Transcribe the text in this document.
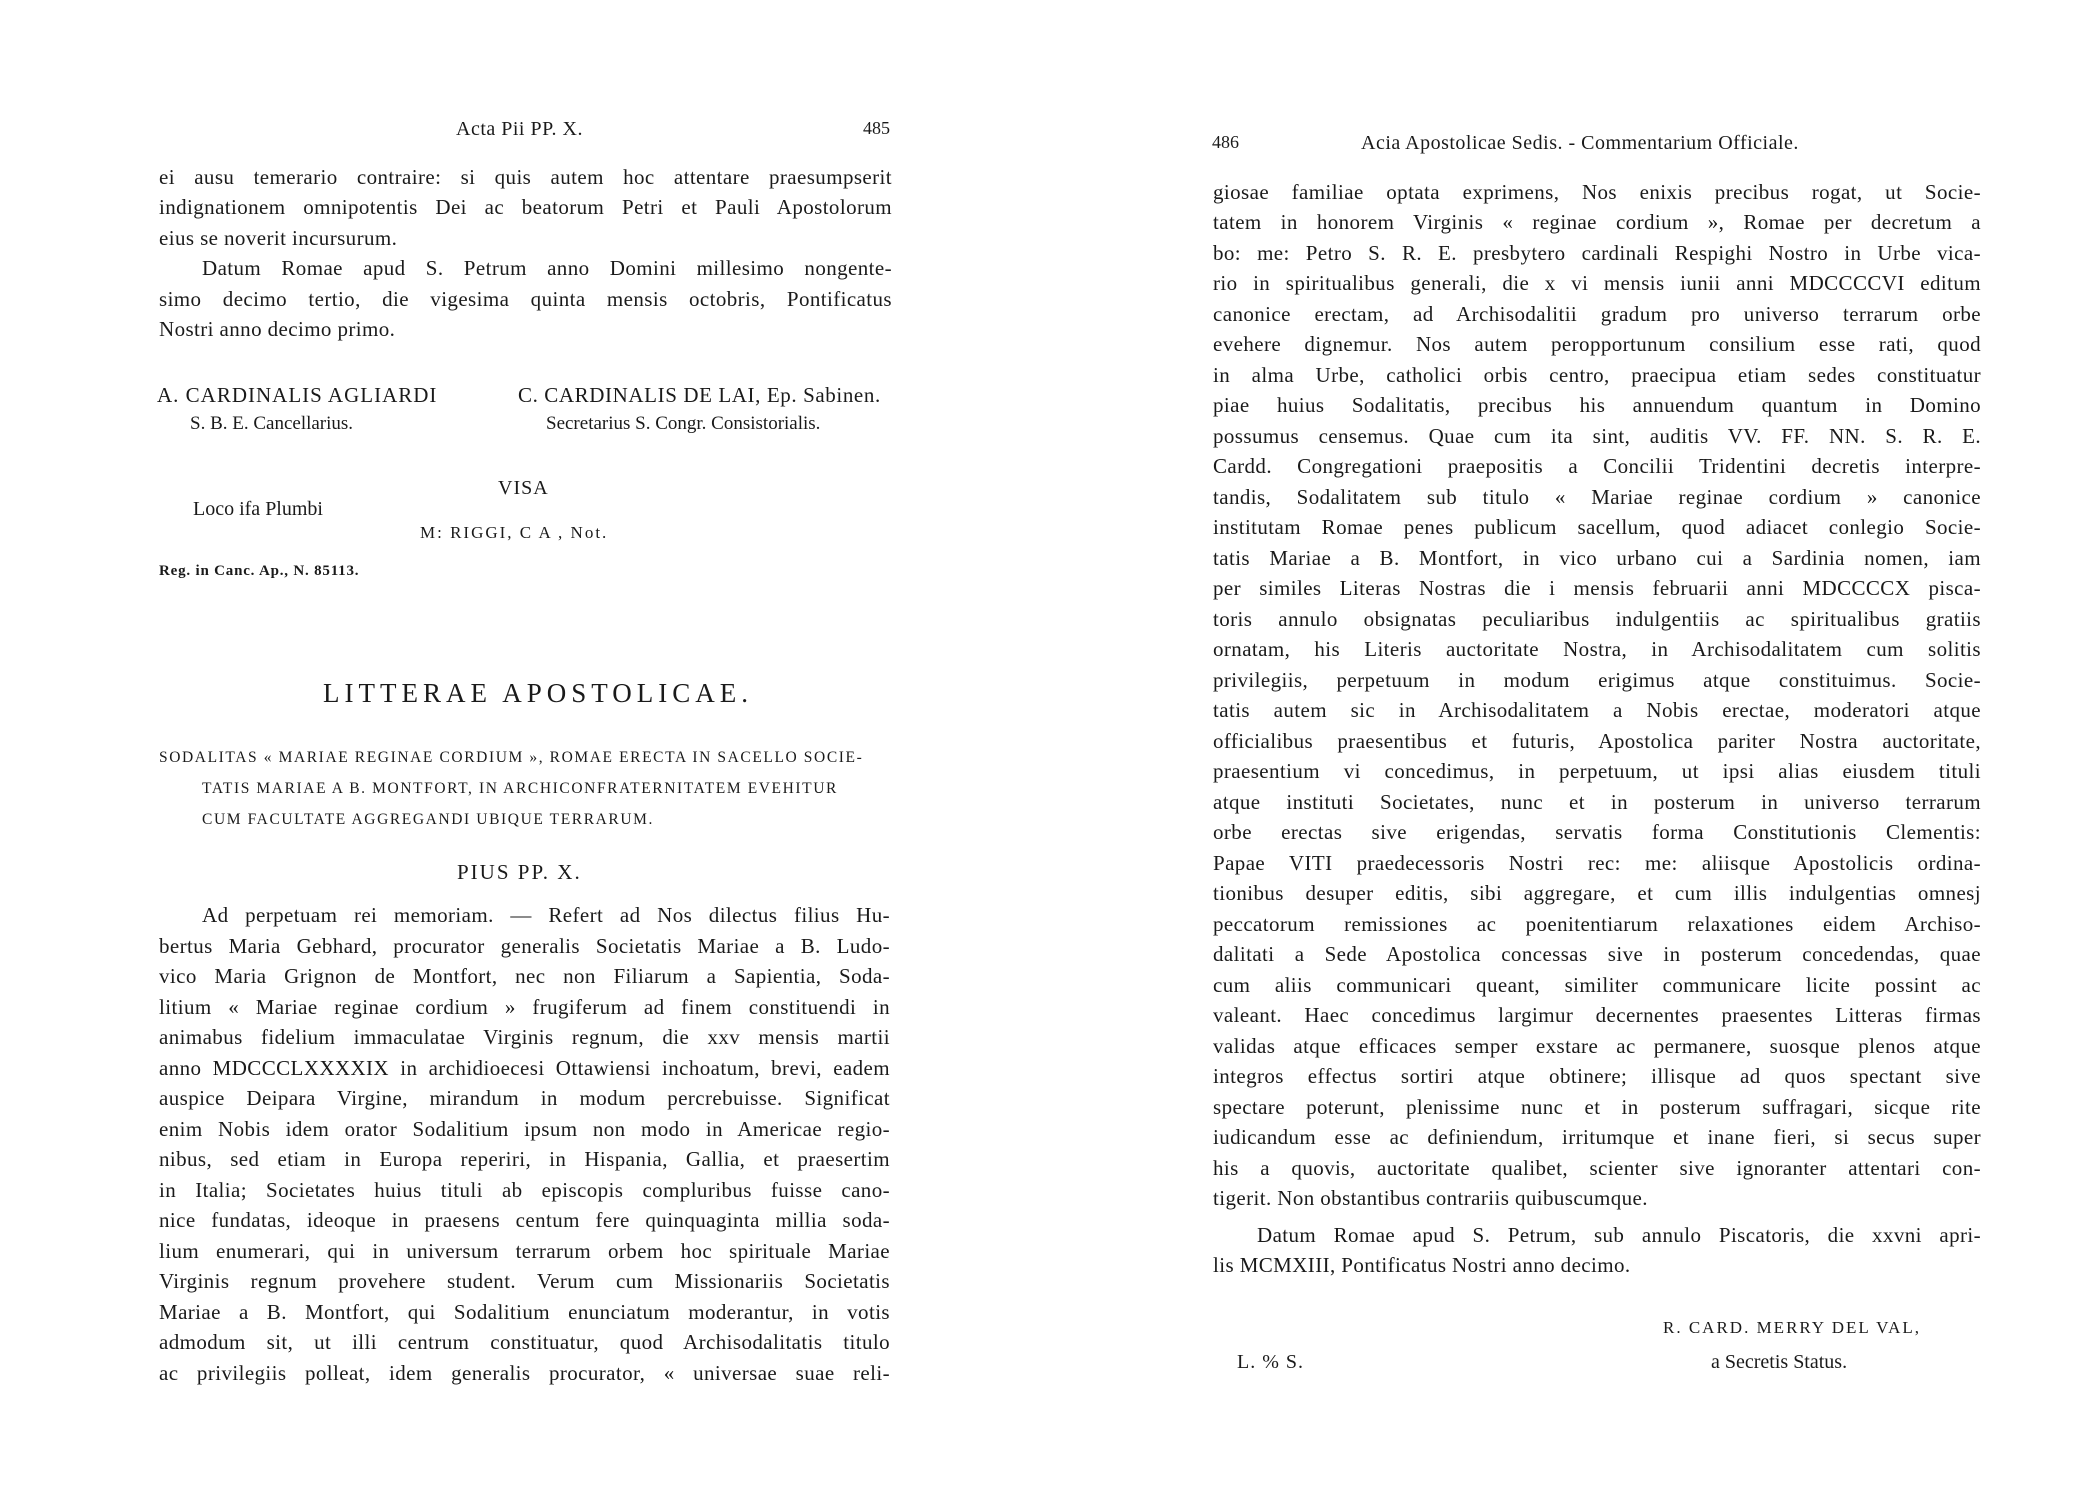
Acta Pii PP. X.	485
ei ausu temerario contraire: si quis autem hoc attentare praesumpserit
indignationem omnipotentis Dei ac beatorum Petri et Pauli Apostolorum
eius se noverit incursurum.
Datum Romae apud S. Petrum anno Domini millesimo nongente-
simo decimo tertio, die vigesima quinta mensis octobris, Pontificatus
Nostri anno decimo primo.
A. CARDINALIS AGLIARDI
S. B. E. Cancellarius.
C. CARDINALIS DE LAI, Ep. Sabinen.
Secretarius S. Congr. Consistorialis.
VISA
Loco ifa Plumbi
M: RIGGI, C A , Not.
Reg. in Canc. Ap., N. 85113.
LITTERAE APOSTOLICAE.
SODALITAS « MARIAE REGINAE CORDIUM », ROMAE ERECTA IN SACELLO SOCIE-
TATIS MARIAE A B. MONTFORT, IN ARCHICONFRATERNITATEM EVEHITUR
CUM FACULTATE AGGREGANDI UBIQUE TERRARUM.
PIUS PP. X.
Ad perpetuam rei memoriam. — Refert ad Nos dilectus filius Hu-
bertus Maria Gebhard, procurator generalis Societatis Mariae a B. Ludo-
vico Maria Grignon de Montfort, nec non Filiarum a Sapientia, Soda-
litium « Mariae reginae cordium » frugiferum ad finem constituendi in
animabus fidelium immaculatae Virginis regnum, die xxv mensis martii
anno MDCCCLXXXXIX in archidioecesi Ottawiensi inchoatum, brevi, eadem
auspice Deipara Virgine, mirandum in modum percrebuisse. Significat
enim Nobis idem orator Sodalitium ipsum non modo in Americae regio-
nibus, sed etiam in Europa reperiri, in Hispania, Gallia, et praesertim
in Italia; Societates huius tituli ab episcopis compluribus fuisse cano-
nice fundatas, ideoque in praesens centum fere quinquaginta millia soda-
lium enumerari, qui in universum terrarum orbem hoc spirituale Mariae
Virginis regnum provehere student. Verum cum Missionariis Societatis
Mariae a B. Montfort, qui Sodalitium enunciatum moderantur, in votis
admodum sit, ut illi centrum constituatur, quod Archisodalitatis titulo
ac privilegiis polleat, idem generalis procurator, « universae suae reli-
486	Acia Apostolicae Sedis. - Commentarium Officiale.
giosae familiae optata exprimens, Nos enixis precibus rogat, ut Socie-
tatem in honorem Virginis « reginae cordium », Romae per decretum a
bo: me: Petro S. R. E. presbytero cardinali Respighi Nostro in Urbe vica-
rio in spiritualibus generali, die x vi mensis iunii anni MDCCCCVI editum
canonice erectam, ad Archisodalitii gradum pro universo terrarum orbe
evehere dignemur. Nos autem peropportunum consilium esse rati, quod
in alma Urbe, catholici orbis centro, praecipua etiam sedes constituatur
piae huius Sodalitatis, precibus his annuendum quantum in Domino
possumus censemus. Quae cum ita sint, auditis VV. FF. NN. S. R. E.
Cardd. Congregationi praepositis a Concilii Tridentini decretis interpre-
tandis, Sodalitatem sub titulo « Mariae reginae cordium » canonice
institutam Romae penes publicum sacellum, quod adiacet conlegio Socie-
tatis Mariae a B. Montfort, in vico urbano cui a Sardinia nomen, iam
per similes Literas Nostras die i mensis februarii anni MDCCCCX pisca-
toris annulo obsignatas peculiaribus indulgentiis ac spiritualibus gratiis
ornatam, his Literis auctoritate Nostra, in Archisodalitatem cum solitis
privilegiis, perpetuum in modum erigimus atque constituimus. Socie-
tatis autem sic in Archisodalitatem a Nobis erectae, moderatori atque
officialibus praesentibus et futuris, Apostolica pariter Nostra auctoritate,
praesentium vi concedimus, in perpetuum, ut ipsi alias eiusdem tituli
atque instituti Societates, nunc et in posterum in universo terrarum
orbe erectas sive erigendas, servatis forma Constitutionis Clementis:
Papae VITI praedecessoris Nostri rec: me: aliisque Apostolicis ordina-
tionibus desuper editis, sibi aggregare, et cum illis indulgentias omnesj
peccatorum remissiones ac poenitentiarum relaxationes eidem Archiso-
dalitati a Sede Apostolica concessas sive in posterum concedendas, quae
cum aliis communicari queant, similiter communicare licite possint ac
valeant. Haec concedimus largimur decernentes praesentes Litteras firmas
validas atque efficaces semper exstare ac permanere, suosque plenos atque
integros effectus sortiri atque obtinere; illisque ad quos spectant sive
spectare poterunt, plenissime nunc et in posterum suffragari, sicque rite
iudicandum esse ac definiendum, irritumque et inane fieri, si secus super
his a quovis, auctoritate qualibet, scienter sive ignoranter attentari con-
tigerit. Non obstantibus contrariis quibuscumque.
Datum Romae apud S. Petrum, sub annulo Piscatoris, die xxvni apri-
lis MCMXIII, Pontificatus Nostri anno decimo.
R. CARD. MERRY DEL VAL,
a Secretis Status.
L. % S.
